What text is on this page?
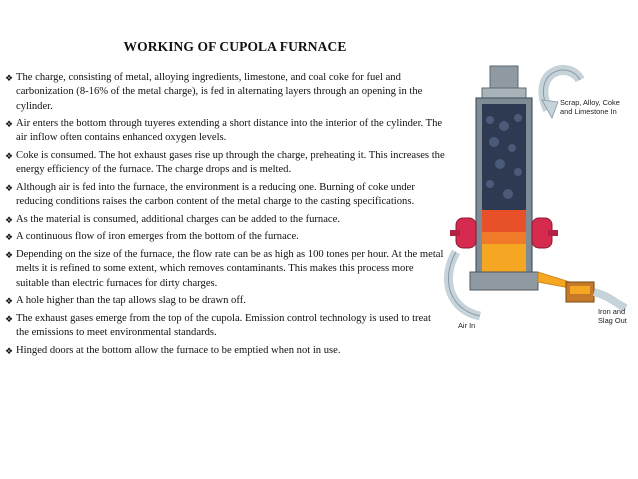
WORKING OF CUPOLA FURNACE
❖ The charge, consisting of metal, alloying ingredients, limestone, and coal coke for fuel and carbonization (8-16% of the metal charge), is fed in alternating layers through an opening in the cylinder.
❖ Air enters the bottom through tuyeres extending a short distance into the interior of the cylinder. The air inflow often contains enhanced oxygen levels.
❖ Coke is consumed. The hot exhaust gases rise up through the charge, preheating it. This increases the energy efficiency of the furnace. The charge drops and is melted.
❖ Although air is fed into the furnace, the environment is a reducing one. Burning of coke under reducing conditions raises the carbon content of the metal charge to the casting specifications.
❖ As the material is consumed, additional charges can be added to the furnace.
❖ A continuous flow of iron emerges from the bottom of the furnace.
❖ Depending on the size of the furnace, the flow rate can be as high as 100 tones per hour. At the metal melts it is refined to some extent, which removes contaminants. This makes this process more suitable than electric furnaces for dirty charges.
❖ A hole higher than the tap allows slag to be drawn off.
❖ The exhaust gases emerge from the top of the cupola. Emission control technology is used to treat the emissions to meet environmental standards.
❖ Hinged doors at the bottom allow the furnace to be emptied when not in use.
Scrap, Alloy, Coke
and Limestone In
Air In
Iron and
Slag Out
